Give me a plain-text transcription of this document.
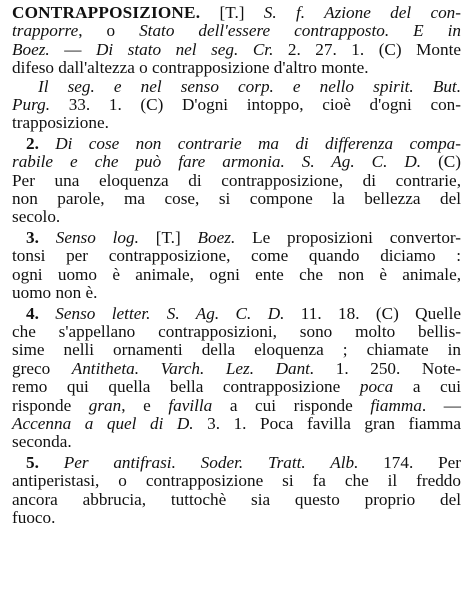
CONTRAPPOSIZIONE. [T.] S. f. Azione del con-
trapporre, o Stato dell'essere contrapposto. E in
Boez. — Di stato nel seg. Cr. 2. 27. 1. (C) Monte
difeso dall'altezza o contrapposizione d'altro monte.
Il seg. e nel senso corp. e nello spirit. But.
Purg. 33. 1. (C) D'ogni intoppo, cioè d'ogni con-
trapposizione.
2. Di cose non contrarie ma di differenza compa-
rabile e che può fare armonia. S. Ag. C. D. (C)
Per una eloquenza di contrapposizione, di contrarie,
non parole, ma cose, si compone la bellezza del
secolo.
3. Senso log. [T.] Boez. Le proposizioni convertor-
tonsi per contrapposizione, come quando diciamo :
ogni uomo è animale, ogni ente che non è animale,
uomo non è.
4. Senso letter. S. Ag. C. D. 11. 18. (C) Quelle
che s'appellano contrapposizioni, sono molto bellis-
sime nelli ornamenti della eloquenza ; chiamate in
greco Antitheta. Varch. Lez. Dant. 1. 250. Note-
remo qui quella bella contrapposizione poca a cui
risponde gran, e favilla a cui risponde fiamma. —
Accenna a quel di D. 3. 1. Poca favilla gran fiamma
seconda.
5. Per antifrasi. Soder. Tratt. Alb. 174. Per
antiperistasi, o contrapposizione si fa che il freddo
ancora abbrucia, tuttochè sia questo proprio del
fuoco.
